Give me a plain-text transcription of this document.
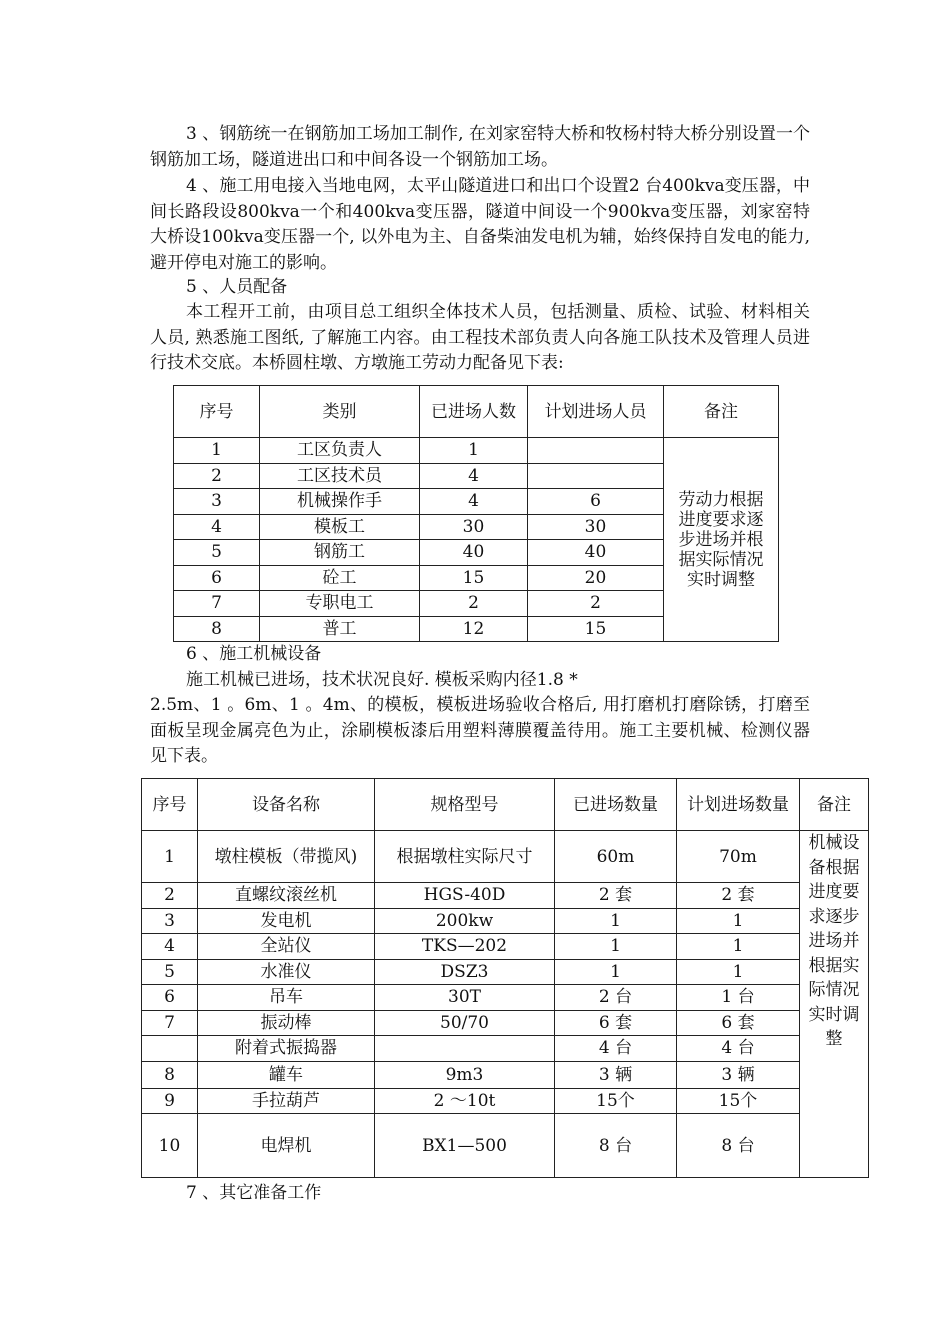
3 、钢筋统一在钢筋加工场加工制作, 在刘家窑特大桥和牧杨村特大桥分别设置一个钢筋加工场，隧道进出口和中间各设一个钢筋加工场。

4 、施工用电接入当地电网，太平山隧道进口和出口个设置2 台400kva变压器，中间长路段设800kva一个和400kva变压器，隧道中间设一个900kva变压器，刘家窑特大桥设100kva变压器一个, 以外电为主、自备柴油发电机为辅，始终保持自发电的能力, 避开停电对施工的影响。

5 、人员配备

本工程开工前，由项目总工组织全体技术人员，包括测量、质检、试验、材料相关人员, 熟悉施工图纸, 了解施工内容。由工程技术部负责人向各施工队技术及管理人员进行技术交底。本桥圆柱墩、方墩施工劳动力配备见下表:

序号	类别	已进场人数	计划进场人员	备注
1	工区负责人	1		劳动力根据进度要求逐步进场并根据实际情况实时调整
2	工区技术员	4		
3	机械操作手	4	6	
4	模板工	30	30	
5	钢筋工	40	40	
6	砼工	15	20	
7	专职电工	2	2	
8	普工	12	15	

6 、施工机械设备

施工机械已进场，技术状况良好. 模板采购内径1.8 *

2.5m、1 。6m、1 。4m、的模板，模板进场验收合格后, 用打磨机打磨除锈，打磨至面板呈现金属亮色为止，涂刷模板漆后用塑料薄膜覆盖待用。施工主要机械、检测仪器见下表。

序号	设备名称	规格型号	已进场数量	计划进场数量	备注
1	墩柱模板（带揽风)	根据墩柱实际尺寸	60m	70m	机械设备根据进度要求逐步进场并根据实际情况实时调整
2	直螺纹滚丝机	HGS-40D	2 套	2 套	
3	发电机	200kw	1	1	
4	全站仪	TKS—202	1	1	
5	水准仪	DSZ3	1	1	
6	吊车	30T	2 台	1 台	
7	振动棒	50/70	6 套	6 套	
	附着式振捣器		4 台	4 台	
8	罐车	9m3	3 辆	3 辆	
9	手拉葫芦	2 ～10t	15个	15个	
10	电焊机	BX1—500	8 台	8 台	

7 、其它准备工作
